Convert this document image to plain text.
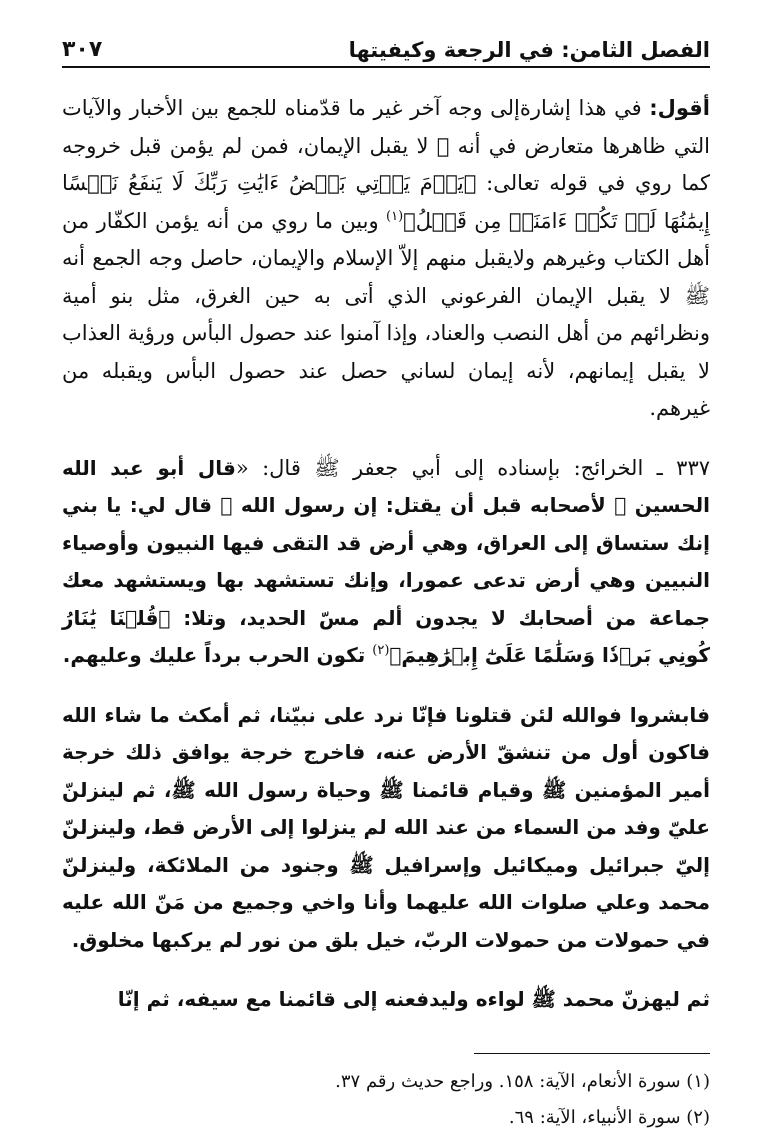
الفصل الثامن: في الرجعة وكيفيتها
٣٠٧

أقول: في هذا إشارةإلى وجه آخر غير ما قدّمناه للجمع بين الأخبار والآيات التي ظاهرها متعارض في أنه ﷺ لا يقبل الإيمان، فمن لم يؤمن قبل خروجه كما روي في قوله تعالى: ﴿يَوۡمَ يَأۡتِي بَعۡضُ ءَايَٰتِ رَبِّكَ لَا يَنفَعُ نَفۡسًا إِيمَٰنُهَا لَمۡ تَكُنۡ ءَامَنَتۡ مِن قَبۡلُ﴾$^{(١)}$ وبين ما روي من أنه يؤمن الكفّار من أهل الكتاب وغيرهم ولايقبل منهم إلاّ الإسلام والإيمان، حاصل وجه الجمع أنه ﷺ لا يقبل الإيمان الفرعوني الذي أتى به حين الغرق، مثل بنو أمية ونظرائهم من أهل النصب والعناد، وإذا آمنوا عند حصول البأس ورؤية العذاب لا يقبل إيمانهم، لأنه إيمان لساني حصل عند حصول البأس ويقبله من غيرهم.

٣٣٧ ـ الخرائج: بإسناده إلى أبي جعفر ﷺ قال: «قال أبو عبد الله الحسين ﷺ لأصحابه قبل أن يقتل: إن رسول الله ﷺ قال لي: يا بني إنك ستساق إلى العراق، وهي أرض قد التقى فيها النبيون وأوصياء النبيين وهي أرض تدعى عمورا، وإنك تستشهد بها ويستشهد معك جماعة من أصحابك لا يجدون ألم مسّ الحديد، وتلا: ﴿قُلۡنَا يَٰنَارُ كُونِي بَرۡدٗا وَسَلَٰمًا عَلَىٰٓ إِبۡرَٰهِيمَ﴾$^{(٢)}$ تكون الحرب برداً عليك وعليهم.

فابشروا فوالله لئن قتلونا فإنّا نرد على نبيّنا، ثم أمكث ما شاء الله فاكون أول من تنشقّ الأرض عنه، فاخرج خرجة يوافق ذلك خرجة أمير المؤمنين ﷺ وقيام قائمنا ﷺ وحياة رسول الله ﷺ، ثم لينزلنّ عليّ وفد من السماء من عند الله لم ينزلوا إلى الأرض قط، ولينزلنّ إليّ جبرائيل وميكائيل وإسرافيل ﷺ وجنود من الملائكة، ولينزلنّ محمد وعلي صلوات الله عليهما وأنا واخي وجميع من مَنّ الله عليه في حمولات من حمولات الربّ، خيل بلق من نور لم يركبها مخلوق.

ثم ليهزنّ محمد ﷺ لواءه وليدفعنه إلى قائمنا مع سيفه، ثم إنّا

(١) سورة الأنعام، الآية: ١٥٨. وراجع حديث رقم ٣٧.
(٢) سورة الأنبياء، الآية: ٦٩.
